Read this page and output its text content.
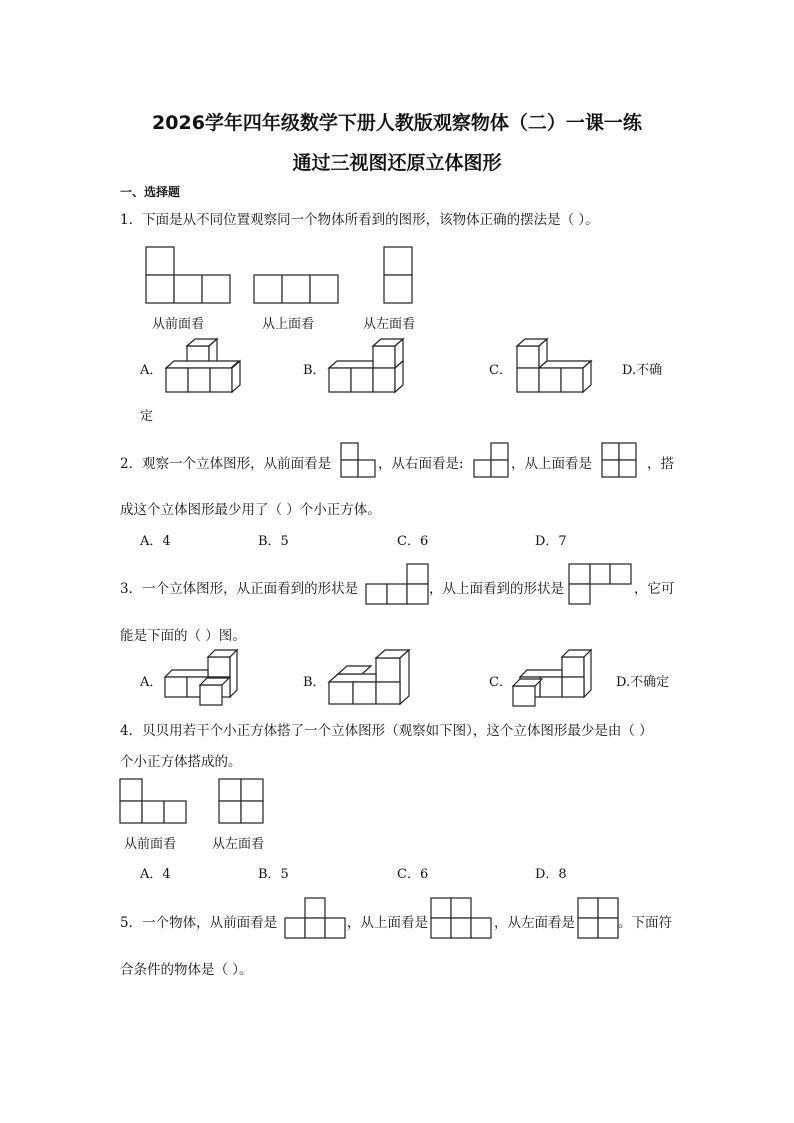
2026学年四年级数学下册人教版观察物体（二）一课一练
通过三视图还原立体图形
一、选择题
1．下面是从不同位置观察同一个物体所看到的图形，该物体正确的摆法是（ ）。
从前面看	从上面看	从左面看
A．	B．	C．	D.不确
定
2．观察一个立体图形，从前面看是	，从右面看是:	，从上面看是	，搭
成这个立体图形最少用了（ ）个小正方体。
A．4	B．5	C．6	D．7
3．一个立体图形，从正面看到的形状是	，从上面看到的形状是	，它可
能是下面的（ ）图。
A．	B．	C．	D.不确定
4．贝贝用若干个小正方体搭了一个立体图形（观察如下图），这个立体图形最少是由（ ）
个小正方体搭成的。
从前面看	从左面看
A．4	B．5	C．6	D．8
5．一个物体，从前面看是	，从上面看是	，从左面看是	。下面符
合条件的物体是（ ）。
